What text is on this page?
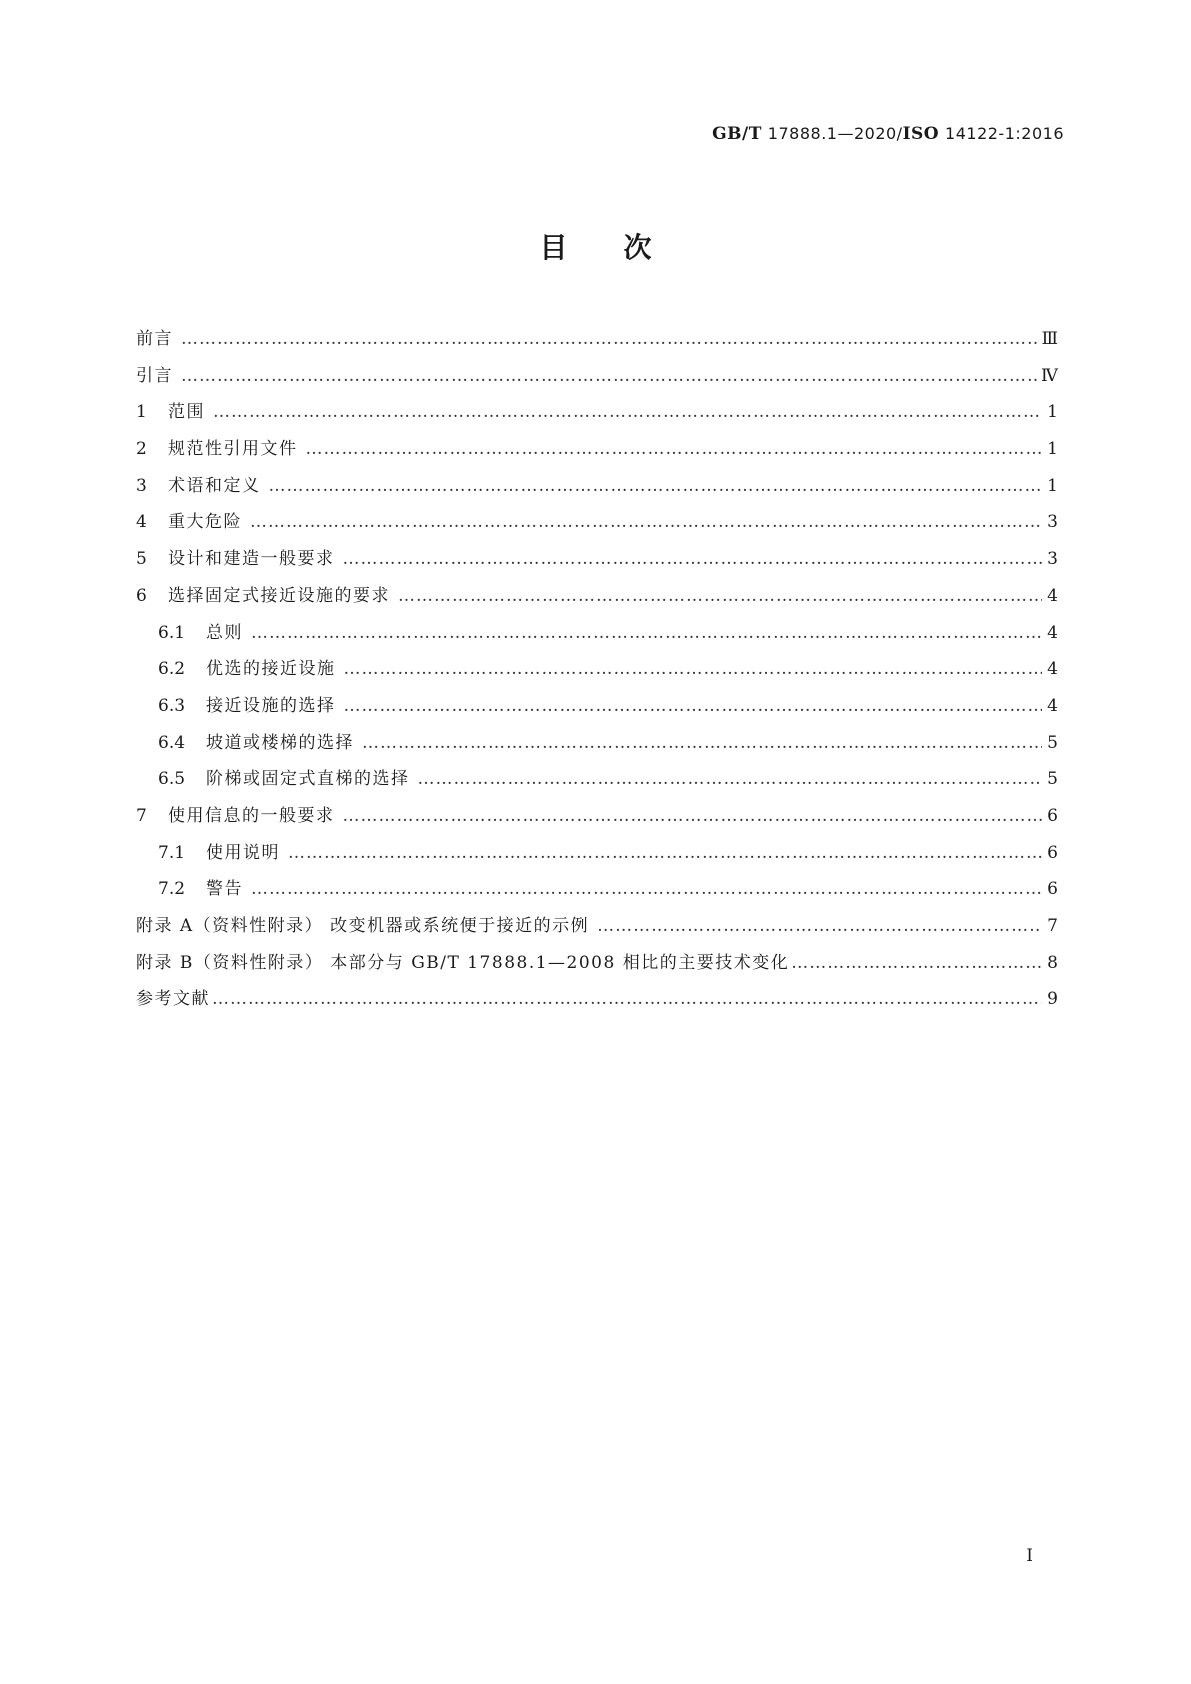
GB/T 17888.1—2020/ISO 14122-1:2016
目 次
前言 …………………………………………………………………………………………………………………………………………………………………………………………………………………………	Ⅲ
引言 …………………………………………………………………………………………………………………………………………………………………………………………………………………………	Ⅳ
1	范围 …………………………………………………………………………………………………………………………………………………………………………………………………………………………	1
2	规范性引用文件 …………………………………………………………………………………………………………………………………………………………………………………………………………………………	1
3	术语和定义 …………………………………………………………………………………………………………………………………………………………………………………………………………………………	1
4	重大危险 …………………………………………………………………………………………………………………………………………………………………………………………………………………………	3
5	设计和建造一般要求 …………………………………………………………………………………………………………………………………………………………………………………………………………………………	3
6	选择固定式接近设施的要求 …………………………………………………………………………………………………………………………………………………………………………………………………………………………	4
6.1	总则 …………………………………………………………………………………………………………………………………………………………………………………………………………………………	4
6.2	优选的接近设施 …………………………………………………………………………………………………………………………………………………………………………………………………………………………	4
6.3	接近设施的选择 …………………………………………………………………………………………………………………………………………………………………………………………………………………………	4
6.4	坡道或楼梯的选择 …………………………………………………………………………………………………………………………………………………………………………………………………………………………	5
6.5	阶梯或固定式直梯的选择 …………………………………………………………………………………………………………………………………………………………………………………………………………………………	5
7	使用信息的一般要求 …………………………………………………………………………………………………………………………………………………………………………………………………………………………	6
7.1	使用说明 …………………………………………………………………………………………………………………………………………………………………………………………………………………………	6
7.2	警告 …………………………………………………………………………………………………………………………………………………………………………………………………………………………	6
附录 A（资料性附录） 改变机器或系统便于接近的示例 …………………………………………………………………………………………………………………………………………………………………………………………………………………………	7
附录 B（资料性附录） 本部分与 GB/T 17888.1—2008 相比的主要技术变化 …………………………………………………………………………………………………………………………………………………………………………………………………………………………	8
参考文献 …………………………………………………………………………………………………………………………………………………………………………………………………………………………	9
I
